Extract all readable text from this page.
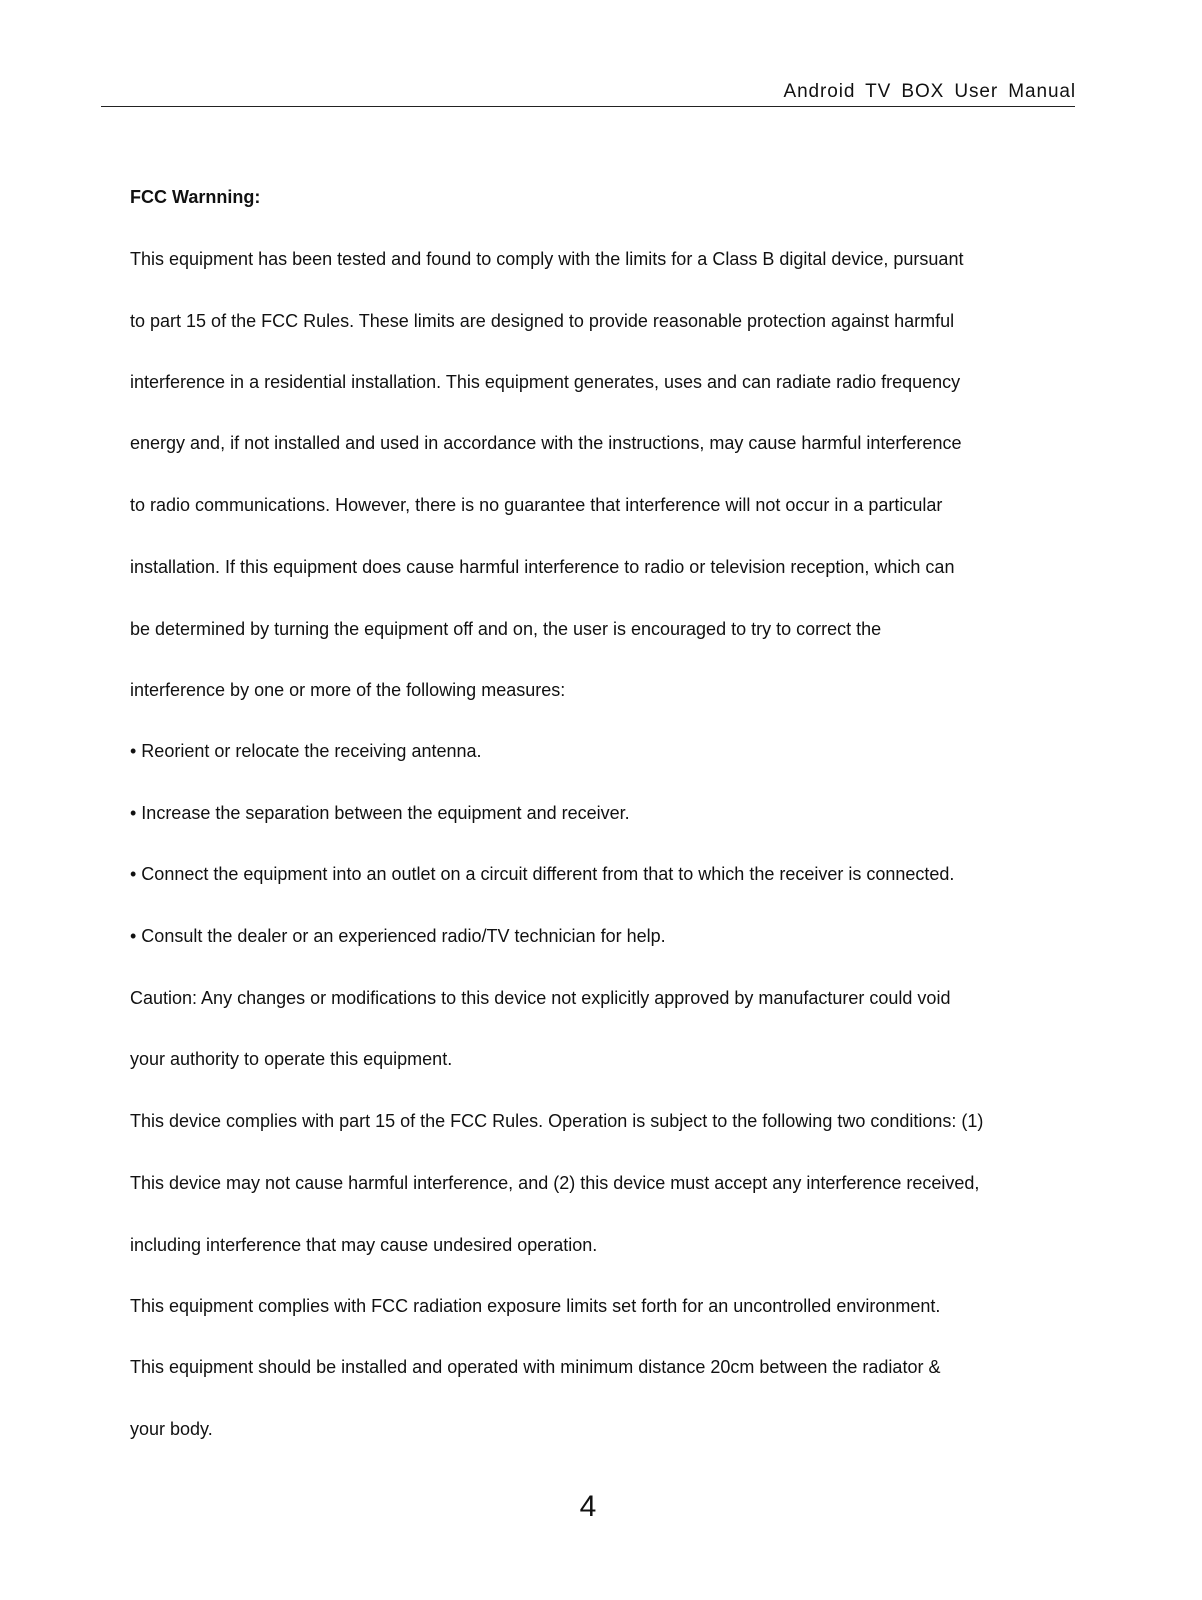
Android TV BOX User Manual
FCC Warnning:
This equipment has been tested and found to comply with the limits for a Class B digital device, pursuant
to part 15 of the FCC Rules. These limits are designed to provide reasonable protection against harmful
interference in a residential installation. This equipment generates, uses and can radiate radio frequency
energy and, if not installed and used in accordance with the instructions, may cause harmful interference
to radio communications. However, there is no guarantee that interference will not occur in a particular
installation. If this equipment does cause harmful interference to radio or television reception, which can
be determined by turning the equipment off and on, the user is encouraged to try to correct the
interference by one or more of the following measures:
• Reorient or relocate the receiving antenna.
• Increase the separation between the equipment and receiver.
• Connect the equipment into an outlet on a circuit different from that to which the receiver is connected.
• Consult the dealer or an experienced radio/TV technician for help.
Caution: Any changes or modifications to this device not explicitly approved by manufacturer could void
your authority to operate this equipment.
This device complies with part 15 of the FCC Rules. Operation is subject to the following two conditions: (1)
This device may not cause harmful interference, and (2) this device must accept any interference received,
including interference that may cause undesired operation.
This equipment complies with FCC radiation exposure limits set forth for an uncontrolled environment.
This equipment should be installed and operated with minimum distance 20cm between the radiator &
your body.
4
